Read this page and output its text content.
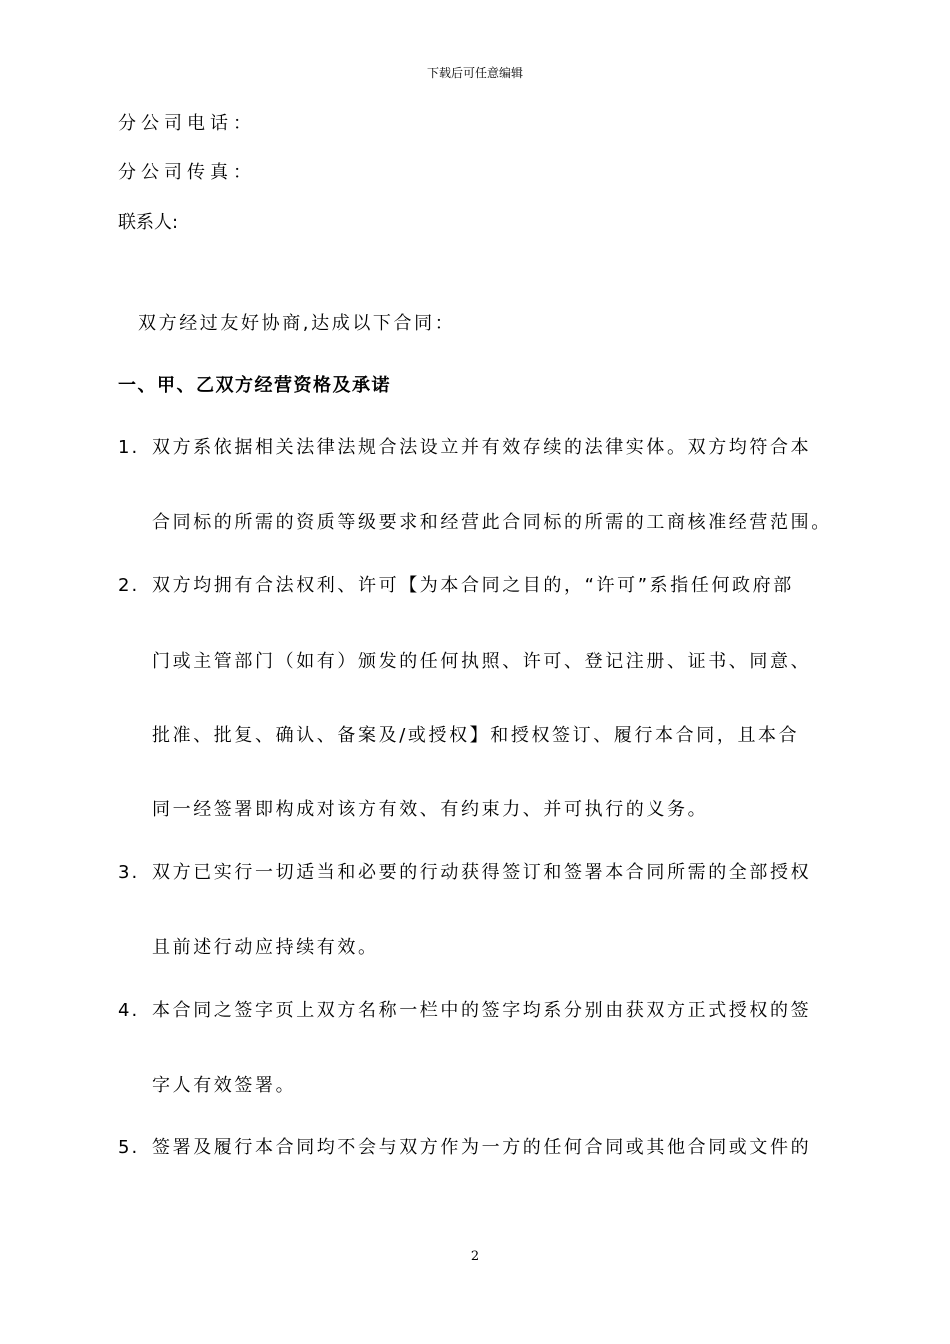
下载后可任意编辑
分公司电话：
分公司传真：
联系人:
双方经过友好协商,达成以下合同：
一、甲、乙双方经营资格及承诺
1. 双方系依据相关法律法规合法设立并有效存续的法律实体。双方均符合本
合同标的所需的资质等级要求和经营此合同标的所需的工商核准经营范围。
2. 双方均拥有合法权利、许可【为本合同之目的，“许可”系指任何政府部
门或主管部门（如有）颁发的任何执照、许可、登记注册、证书、同意、
批准、批复、确认、备案及/或授权】和授权签订、履行本合同，且本合
同一经签署即构成对该方有效、有约束力、并可执行的义务。
3. 双方已实行一切适当和必要的行动获得签订和签署本合同所需的全部授权
且前述行动应持续有效。
4. 本合同之签字页上双方名称一栏中的签字均系分别由获双方正式授权的签
字人有效签署。
5. 签署及履行本合同均不会与双方作为一方的任何合同或其他合同或文件的
2
